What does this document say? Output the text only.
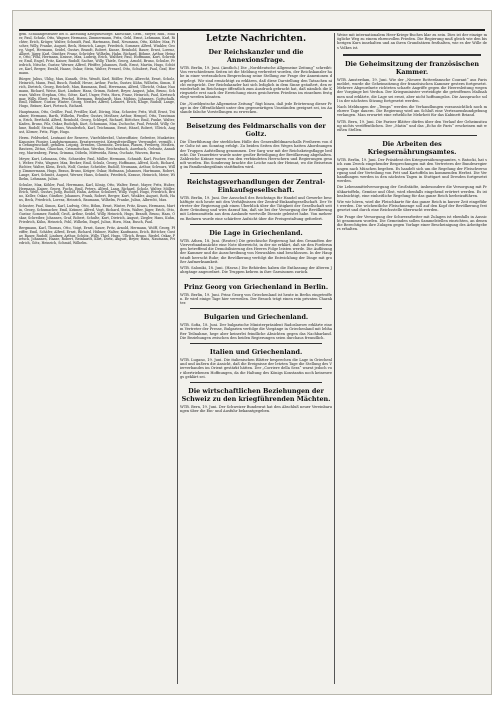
gem. Schulangestellter bei d. Abteilung Kriegsfürsorge. Kneschke, Gerh., Meyer, Rud., Müller, Paul, Schulz, Otto, Wagner, Hermann, Zimmermann, Fritz, Gehl, Ernst, Lehmann, Karl, Richter, Erich, Krüger, Walter, Schmidt, Paul, Hartmann, Emil, Neumann, Otto, Köhler, Max, Fischer, Willy, Franke, August, Beck, Heinrich, Lange, Friedrich, Sommer, Alfred, Winkler, Georg, Vogel, Hermann, Seidel, Gustav, Brandt, Robert, Kunze, Reinhold, Bauer, Ernst, Lorenz, Albert, Jäger, Karl, Günther, Franz, Schröder, Wilhelm, Hahn, Richard, Böhme, Arthur, Heinze, Otto, Pohl, Hermann, Krause, Max, Ludwig, Erich, Walther, Paul, Hoffmann, Kurt, Schreiber, Emil, Engel, Fritz, Kaiser, Rudolf, Sachse, Willy, Thiele, Georg, Arnold, Bruno, Schulze, Friedrich, Nitsche, Gustav, Werner, Alfred, Pfeiffer, Johannes, Roth, Ernst, Martin, Hugo, Schütze, Karl, Berger, Ewald, Haase, Oskar, Stein, Walter, Frenzel, Otto, Schubert, Paul, Graf, Hermann.

Bürger, Julius, Uhlig, Max, Kunath, Otto, Wendt, Karl, Rößler, Fritz, Albrecht, Ernst, Scholz, Heinrich, Mann, Paul, Busch, Rudolf, Hesse, Arthur, Fuchs, Gustav, Kühn, Wilhelm, Simon, Erich, Dietrich, Georg, Reichelt, Max, Baumann, Emil, Herrmann, Alfred, Ulbricht, Oskar, Naumann, Richard, Weise, Kurt, Lindner, Hans, Grimm, Robert, Beyer, August, Jahn, Bruno, Schwarz, Walter, Stephan, Otto, Götze, Karl, Unger, Fritz, Horn, Franz, Heinrich, Paul, Kretzschmar, Willy, Ebert, Ernst, Peschel, Hermann, Reinhardt, Max, Möbius, Johannes, Gottschalk, Emil, Hübner, Gustav, Winter, Georg, Nestler, Alfred, Lehnert, Erich, Kluge, Rudolf, Lange, Hugo, Bräuer, Kurt, Pietzsch, Richard.

Hauptmann, Otto, Geißler, Paul, Preißler, Karl, Döring, Max, Schuster, Fritz, Wolf, Ernst, Tränkner, Hermann, Barth, Wilhelm, Fiedler, Gustav, Meißner, Arthur, Hempel, Otto, Trautmann, Erich, Berthold, Alfred, Reinhold, Georg, Schlegel, Richard, Böttcher, Emil, Funke, Walter, Kaden, Bruno, Pilz, Oskar, Rudolph, Kurt, Schumann, Max, Zschoche, Paul, Petzold, Willy, Oehme, Rudolf, Strauß, Hans, Wunderlich, Karl, Teichmann, Ernst, Hänel, Robert, Ullrich, August, Körner, Fritz, Pöge, Hugo.

Herm. Feldwebel, Leutnant der Reserve, Vizefeldwebel, Unteroffizier, Gefreiter, Musketier, Kanonier, Pionier, Landsturmmann, Ersatzreservist, Kriegsfreiwilliger. Verwundet, vermißt, in Gefangenschaft, gefallen. Leipzig, Dresden, Chemnitz, Zwickau, Plauen, Freiberg, Meißen, Bautzen, Zittau, Glauchau, Crimmitschau, Werdau, Reichenbach, Auerbach, Oelsnitz, Annaberg, Marienberg, Pirna, Grimma, Döbeln, Mittweida, Riesa, Oschatz, Wurzen, Borna.

Meyer, Kurt, Lehmann, Otto, Schneider, Paul, Müller, Hermann, Schmidt, Karl, Fischer, Ernst, Weber, Fritz, Wagner, Max, Becker, Emil, Schulz, Georg, Hoffmann, Alfred, Koch, Richard, Richter, Walter, Klein, Erich, Wolf, Gustav, Schröder, Rudolf, Neumann, Arthur, Schwarz, Willy, Zimmermann, Hugo, Braun, Bruno, Krüger, Oskar, Hofmann, Johannes, Hartmann, Robert, Lange, Kurt, Schmitt, August, Werner, Hans, Schmitz, Friedrich, Krause, Heinrich, Meier, Wilhelm, Lehmann, Julius.

Schulze, Max, Köhler, Paul, Herrmann, Karl, König, Otto, Walter, Ernst, Mayer, Fritz, Huber, Hermann, Kaiser, Georg, Fuchs, Emil, Peters, Alfred, Lang, Richard, Scholz, Walter, Möller, Erich, Weiß, Gustav, Jung, Rudolf, Hahn, Arthur, Schubert, Willy, Vogel, Hugo, Friedrich, Bruno, Keller, Oskar, Günther, Johannes, Frank, Robert, Berger, Kurt, Winkler, August, Roth, Hans, Beck, Friedrich, Lorenz, Heinrich, Baumann, Wilhelm, Franke, Julius, Albrecht, Max.

Schuster, Paul, Simon, Karl, Ludwig, Otto, Böhm, Ernst, Winter, Fritz, Kraus, Hermann, Martin, Georg, Schumacher, Emil, Krämer, Alfred, Vogt, Richard, Stein, Walter, Jäger, Erich, Otto, Gustav, Sommer, Rudolf, Groß, Arthur, Seidel, Willy, Heinrich, Hugo, Brandt, Bruno, Haas, Oskar, Schreiber, Johannes, Graf, Robert, Schulte, Kurt, Dietrich, August, Ziegler, Hans, Kuhn, Friedrich, Kühn, Heinrich, Pohl, Wilhelm, Engel, Julius, Horn, Max, Busch, Paul.

Bergmann, Karl, Thomas, Otto, Voigt, Ernst, Sauer, Fritz, Arnold, Hermann, Wolff, Georg, Pfeiffer, Emil, Schäfer, Alfred, Ernst, Richard, Hübner, Walter, Kaufmann, Erich, Böttcher, Gustav, Bauer, Rudolf, Lindner, Arthur, Schütz, Willy, Thiel, Hugo, Ullrich, Bruno, Riedel, Oskar, Pietsch, Johannes, Haase, Robert, Reinhardt, Kurt, Dietz, August, Beyer, Hans, Naumann, Friedrich, Götz, Heinrich, Schmid, Wilhelm.

Letzte Nachrichten.
Der Reichskanzler und die Annexionsfrage.

WTB. Berlin, 19. Juni. (Amtlich.) Die „Norddeutsche Allgemeine Zeitung“ schreibt: Von verschiedenen Seiten ist die Meldung verbreitet worden, der Reichskanzler habe in einer vertraulichen Besprechung seine Stellung zur Frage der Annexionen dargelegt. Wir sind ermächtigt zu erklären, daß diese Darstellung den Tatsachen nicht entspricht. Der Reichskanzler hat sich lediglich in dem Sinne geäußert, den er wiederholt im Reichstage öffentlich zum Ausdruck gebracht hat, daß nämlich die Kriegsziele erst nach der Erreichung eines gesicherten Friedens im einzelnen festgelegt werden könnten.

Die „Norddeutsche Allgemeine Zeitung“ fügt hinzu, daß jede Erörterung dieser Frage in der Öffentlichkeit unter den gegenwärtigen Umständen geeignet sei, im Auslande falsche Vorstellungen zu erwecken.

Beisetzung des Feldmarschalls von der Goltz.

Die Überführung der sterblichen Hülle des Generalfeldmarschalls Freiherrn von der Goltz ist am Sonntag erfolgt. Zu beiden Seiten des Weges hatten Abordnungen der Truppen Aufstellung genommen. Der Sarg war mit der Reichskriegsflagge bedeckt. Die Trauerfeier wurde unter großer Beteiligung der Bevölkerung abgehalten. Zahlreiche Kränze waren von den verbündeten Herrschern und Regierungen gesandt worden. Ein Sonderzug brachte die Leiche nach der Heimat, wo die Beisetzung im Familienbegräbnis stattfinden wird.

Reichstagsverhandlungen der Zentral-Einkaufsgesellschaft.

WTB. Berlin, 19. Juni. Der Ausschuß des Reichstags für Handel und Gewerbe beschäftigte sich heute mit den Verhältnissen der Zentral-Einkaufsgesellschaft. Der Vertreter der Regierung gab einen Überblick über die Tätigkeit der Gesellschaft seit ihrer Gründung und wies darauf hin, daß sie bei der Versorgung der Bevölkerung mit Lebensmitteln aus dem Auslande wertvolle Dienste geleistet habe. Von mehreren Rednern wurde eine schärfere Aufsicht über die Preisgestaltung gefordert.

Die Lage in Griechenland.

WTB. Athen, 18. Juni. (Reuter.) Die griechische Regierung hat den Gesandten der Vierverbandsmächte eine Note überreicht, in der sie erklärt, daß sie den Forderungen betreffend die Demobilisierung des Heeres Folge leisten werde. Die Auflösung der Kammer und die Ausschreibung von Neuwahlen sind beschlossen. In der Hauptstadt herrscht Ruhe; die Bevölkerung verfolgt die Entwicklung der Dinge mit großer Aufmerksamkeit.

WTB. Saloniki, 18. Juni. (Havas.) Die Behörden haben die Entlassung der älteren Jahrgänge angeordnet. Die Truppen kehren in ihre Garnisonen zurück.

Prinz Georg von Griechenland in Berlin.

WTB. Berlin, 19. Juni. Prinz Georg von Griechenland ist heute in Berlin eingetroffen. Er wird einige Tage hier verweilen. Der Besuch trägt einen rein privaten Charakter.

Bulgarien und Griechenland.

WTB. Sofia, 18. Juni. Der bulgarische Ministerpräsident Radoslawow erklärte einem Vertreter der Presse, Bulgarien verfolge die Vorgänge in Griechenland mit lebhafter Teilnahme, hege aber keinerlei feindliche Absichten gegen das Nachbarland. Die Beziehungen zwischen den beiden Regierungen seien durchaus freundlich.

Italien und Griechenland.

WTB. Lugano, 19. Juni. Die italienischen Blätter besprechen die Lage in Griechenland und äußern die Ansicht, daß die Ereignisse der letzten Tage die Stellung des Vierverbandes im Orient gestärkt hätten. Der „Corriere della Sera“ warnt jedoch vor übertriebenen Hoffnungen, da die Haltung des Königs Konstantin noch keineswegs geklärt sei.

Die wirtschaftlichen Beziehungen der Schweiz zu den kriegführenden Mächten.

WTB. Bern, 19. Juni. Der Schweizer Bundesrat hat den Abschluß neuer Vereinbarungen über die Ein- und Ausfuhr bekanntgegeben.

Weise mit internationalem Heer-Kriegs-Buches klar zu sein. Dies ist der einzige mögliche Weg zu einem ehrenvollen Frieden. Die Regierung muß gleich wie den bisherigen Kurs innehalten und an ihren Grundsätzen festhalten, wie es der Wille des Volkes ist.

Die Geheimsitzung der französischen Kammer.

WTB. Amsterdam, 19. Juni. Wie der „Nieuwe Rotterdamsche Courant“ aus Paris meldet, wurde die Geheimsitzung der französischen Kammer gestern fortgesetzt. Mehrere Abgeordnete richteten scharfe Angriffe gegen die Heeresleitung wegen der Vorgänge bei Verdun. Der Kriegsminister verteidigte die getroffenen Maßnahmen und erklärte, die Lage sei ernst, aber nicht hoffnungslos. Die Aussprache soll in der nächsten Sitzung fortgesetzt werden.

Nach Meldungen der „Temps“ werden die Verhandlungen voraussichtlich noch mehrere Tage dauern. Die Regierung wird am Schluß eine Vertrauenskundgebung verlangen. Man erwartet eine erhebliche Mehrheit für das Kabinett Briand.

WTB. Bern, 19. Juni. Die Pariser Blätter dürfen über den Verlauf der Geheimsitzung nichts veröffentlichen. Der „Matin“ und das „Echo de Paris“ erscheinen mit weißen Stellen.

Die Arbeiten des Kriegsernährungsamtes.

WTB. Berlin, 19. Juni. Der Präsident des Kriegsernährungsamtes, v. Batocki, hat sich zum Zweck eingehender Besprechungen mit den Vertretern der Bundesregierungen nach München begeben. Es handelt sich um die Regelung der Fleischversorgung und der Verteilung von Fett und Kartoffeln im kommenden Herbst. Die Verhandlungen werden in den nächsten Tagen in Stuttgart und Dresden fortgesetzt werden.

Die Lebensmittelversorgung der Großstädte, insbesondere die Versorgung mit Frühkartoffeln, Gemüse und Obst, wird ebenfalls eingehend erörtert werden. Es ist beabsichtigt, eine einheitliche Regelung für das ganze Reich herbeizuführen.

Wie wir hören, wird die Fleischkarte für das ganze Reich in kurzer Zeit eingeführt werden. Die wöchentliche Fleischmenge soll auf den Kopf der Bevölkerung festgesetzt und durch eine Reichsstelle überwacht werden.

Die Frage der Versorgung der Schwerarbeiter mit Zulagen ist ebenfalls in Aussicht genommen worden. Die Gemeinden sollen Sammelstellen einrichten, an denen die Berechtigten ihre Zulagen gegen Vorlage einer Bescheinigung des Arbeitgebers erhalten.
